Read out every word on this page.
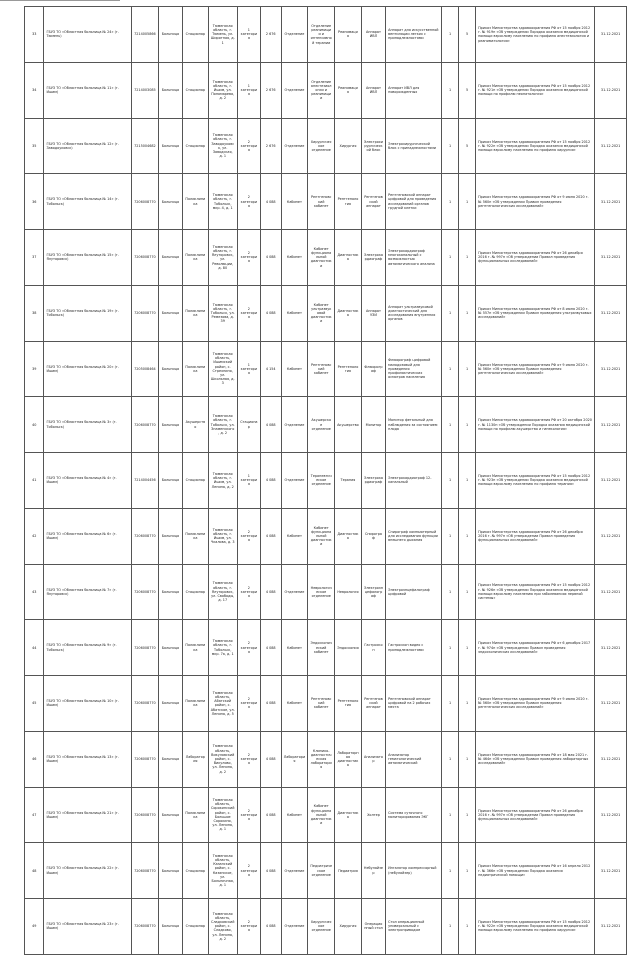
33	ГБУЗ ТО «Областная больница № 24» (г. Тюмень)	7214005866	Больница	Стационар	Тюменская область, г. Тюмень, ул. Широтная, д. 1	1 категория	2 676	Отделение	Отделение реанимации и интенсивной терапии	Реанимация	Аппарат ИВЛ	Аппарат для искусственной вентиляции легких с принадлежностями	1	5	Приказ Министерства здравоохранения РФ от 15 ноября 2012 г. № 919н «Об утверждении Порядка оказания медицинской помощи взрослому населению по профилю анестезиология и реаниматология»	31.12.2021
34	ГБУЗ ТО «Областная больница № 11» (г. Ишим)	7214003085	Больница	Стационар	Тюменская область, г. Ишим, ул. Пономарева, д. 2	1 категория	2 676	Отделение	Отделение анестезиологии и реанимации	Реанимация	Аппарат ИВЛ	Аппарат ИВЛ для новорожденных	1	5	Приказ Министерства здравоохранения РФ от 15 ноября 2012 г. № 921н «Об утверждении Порядка оказания медицинской помощи по профилю неонатология»	31.12.2021
35	ГБУЗ ТО «Областная больница № 12» (г. Заводоуковск)	7215004682	Больница	Стационар	Тюменская область, г. Заводоуковск, ул. Заводская, д. 1	2 категория	2 676	Отделение	Хирургическое отделение	Хирургия	Электрохирургический блок	Электрохирургический блок с принадлежностями	1	5	Приказ Министерства здравоохранения РФ от 15 ноября 2012 г. № 922н «Об утверждении Порядка оказания медицинской помощи взрослому населению по профилю хирургия»	31.12.2021
36	ГБУЗ ТО «Областная больница № 14» (г. Тобольск)	7206008770	Больница	Поликлиника	Тюменская область, г. Тобольск, мкр. 4, д. 1	2 категория	4 088	Кабинет	Рентгеновский кабинет	Рентгенология	Рентгеновский аппарат	Рентгеновский аппарат цифровой для проведения исследований органов грудной клетки	1	1	Приказ Министерства здравоохранения РФ от 9 июня 2020 г. № 560н «Об утверждении Правил проведения рентгенологических исследований»	31.12.2021
37	ГБУЗ ТО «Областная больница № 15» (г. Ялуторовск)	7206008770	Больница	Поликлиника	Тюменская область, г. Ялуторовск, ул. Революции, д. 80	2 категория	4 088	Кабинет	Кабинет функциональной диагностики	Диагностика	Электрокардиограф	Электрокардиограф многоканальный с возможностью автоматического анализа	1	1	Приказ Министерства здравоохранения РФ от 26 декабря 2016 г. № 997н «Об утверждении Правил проведения функциональных исследований»	31.12.2021
38	ГБУЗ ТО «Областная больница № 19» (г. Тобольск)	7206008770	Больница	Поликлиника	Тюменская область, г. Тобольск, ул. Ремезова, д. 39	2 категория	4 088	Кабинет	Кабинет ультразвуковой диагностики	Диагностика	Аппарат УЗИ	Аппарат ультразвуковой диагностический для исследования внутренних органов	1	1	Приказ Министерства здравоохранения РФ от 8 июня 2020 г. № 557н «Об утверждении Правил проведения ультразвуковых исследований»	31.12.2021
39	ГБУЗ ТО «Областная больница № 20» (г. Ишим)	7205008464	Больница	Поликлиника	Тюменская область, Ишимский район, с. Стрехнино, ул. Школьная, д. 3	1 категория	4 154	Кабинет	Рентгеновский кабинет	Рентгенология	Флюорограф	Флюорограф цифровой малодозовый для проведения профилактических осмотров населения	1	1	Приказ Министерства здравоохранения РФ от 9 июня 2020 г. № 560н «Об утверждении Правил проведения рентгенологических исследований»	31.12.2021
40	ГБУЗ ТО «Областная больница № 3» (г. Тобольск)	7206008770	Больница	Акушерство	Тюменская область, г. Тобольск, ул. Знаменского, д. 2	Стационар	4 088	Отделение	Акушерское отделение	Акушерство	Монитор	Монитор фетальный для наблюдения за состоянием плода	1	1	Приказ Министерства здравоохранения РФ от 20 октября 2020 г. № 1130н «Об утверждении Порядка оказания медицинской помощи по профилю акушерство и гинекология»	31.12.2021
41	ГБУЗ ТО «Областная больница № 4» (г. Ишим)	7214004456	Больница	Стационар	Тюменская область, г. Ишим, ул. Ленина, д. 2	1 категория	4 088	Отделение	Терапевтическое отделение	Терапия	Электрокардиограф	Электрокардиограф 12-канальный	1	1	Приказ Министерства здравоохранения РФ от 15 ноября 2012 г. № 923н «Об утверждении Порядка оказания медицинской помощи взрослому населению по профилю терапия»	31.12.2021
42	ГБУЗ ТО «Областная больница № 6» (г. Ишим)	7206008770	Больница	Поликлиника	Тюменская область, г. Ишим, ул. Чкалова, д. 3	2 категория	4 088	Кабинет	Кабинет функциональной диагностики	Диагностика	Спирограф	Спирограф компьютерный для исследования функции внешнего дыхания	1	1	Приказ Министерства здравоохранения РФ от 26 декабря 2016 г. № 997н «Об утверждении Правил проведения функциональных исследований»	31.12.2021
43	ГБУЗ ТО «Областная больница № 7» (г. Ялуторовск)	7206008770	Больница	Стационар	Тюменская область, г. Ялуторовск, ул. Свободы, д. 17	2 категория	4 088	Отделение	Неврологическое отделение	Неврология	Электроэнцефалограф	Электроэнцефалограф цифровой	1	1	Приказ Министерства здравоохранения РФ от 15 ноября 2012 г. № 926н «Об утверждении Порядка оказания медицинской помощи взрослому населению при заболеваниях нервной системы»	31.12.2021
44	ГБУЗ ТО «Областная больница № 9» (г. Тобольск)	7206008770	Больница	Поликлиника	Тюменская область, г. Тобольск, мкр. 7а, д. 1	2 категория	4 088	Кабинет	Эндоскопический кабинет	Эндоскопия	Гастроскоп	Гастроскоп видео с принадлежностями	1	1	Приказ Министерства здравоохранения РФ от 6 декабря 2017 г. № 974н «Об утверждении Правил проведения эндоскопических исследований»	31.12.2021
45	ГБУЗ ТО «Областная больница № 10» (г. Ишим)	7206008770	Больница	Поликлиника	Тюменская область, Абатский район, с. Абатское, ул. Ленина, д. 5	2 категория	4 088	Кабинет	Рентгеновский кабинет	Рентгенология	Рентгеновский аппарат	Рентгеновский аппарат цифровой на 2 рабочих места	1	1	Приказ Министерства здравоохранения РФ от 9 июня 2020 г. № 560н «Об утверждении Правил проведения рентгенологических исследований»	31.12.2021
46	ГБУЗ ТО «Областная больница № 13» (г. Ишим)	7206008770	Больница	Лаборатория	Тюменская область, Викуловский район, с. Викулово, ул. Ленина, д. 2	2 категория	4 088	Лаборатория	Клинико-диагностическая лаборатория	Лабораторная диагностика	Анализатор	Анализатор гематологический автоматический	1	1	Приказ Министерства здравоохранения РФ от 18 мая 2021 г. № 464н «Об утверждении Правил проведения лабораторных исследований»	31.12.2021
47	ГБУЗ ТО «Областная больница № 21» (г. Ишим)	7206008770	Больница	Поликлиника	Тюменская область, Сорокинский район, с. Большое Сорокино, ул. Ленина, д. 1	2 категория	4 088	Кабинет	Кабинет функциональной диагностики	Диагностика	Холтер	Система суточного мониторирования ЭКГ	1	1	Приказ Министерства здравоохранения РФ от 26 декабря 2016 г. № 997н «Об утверждении Правил проведения функциональных исследований»	31.12.2021
48	ГБУЗ ТО «Областная больница № 22» (г. Ишим)	7206008770	Больница	Стационар	Тюменская область, Казанский район, с. Казанское, ул. Больничная, д. 1	2 категория	4 088	Отделение	Педиатрическое отделение	Педиатрия	Небулайзер	Ингалятор компрессорный (небулайзер)	1	1	Приказ Министерства здравоохранения РФ от 16 апреля 2012 г. № 366н «Об утверждении Порядка оказания педиатрической помощи»	31.12.2021
49	ГБУЗ ТО «Областная больница № 23» (г. Ишим)	7206008770	Больница	Стационар	Тюменская область, Сладковский район, с. Сладково, ул. Ленина, д. 2	2 категория	4 088	Отделение	Хирургическое отделение	Хирургия	Операционный стол	Стол операционный универсальный с электроприводом	1	1	Приказ Министерства здравоохранения РФ от 15 ноября 2012 г. № 922н «Об утверждении Порядка оказания медицинской помощи взрослому населению по профилю хирургия»	31.12.2021
